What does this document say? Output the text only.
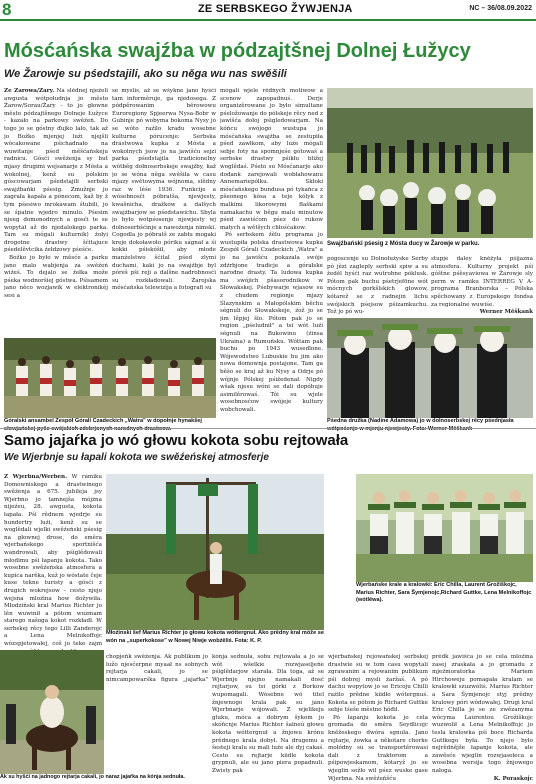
8	ZE SERBSKEGO ŽYWJENJA	NC – 36/08.09.2022
Mósćańska swajźba w pódzajtšnej Dolnej Łužycy
We Žarowje su pśedstajili, ako su něga wu nas swěšili
Ze Žarowa/Žary. Na slědnej njeźeli awgusta wótpołudnja jo město Žarow/Sorau/Żary - to jo głowne město pódzajtšnego Dolnejе Łužyce - kazało na parkowy swěźeń. Do togo jo se góstny ďujko lałо, tak až jo Božko mjenjej luźi njejšli wócakowane pśichadnało na wuwitanje pśed měšćańskeju radnicu. Gósći swěźenja sy but mjasy drugimi wejsanarje z Mósta a wokolnej, kenž su pólskim góscowarjam pśedstajili serbskі swajźbańki pśesig. Zmužnje jo zagrała kapała a pónecom, kaž by ž tym pśesiwo mrokawam śtubili, jo se śpatne wjedro minulo. Pśesim njeeg domonodnych a gosći te se wopytał až do njedalokego parka. Tam su mógali kulturnik) źołyi drogotne drastwy šćitajuce pśedelěvtcika źełdzowy pśeśće.

Božko jo było w měsće a parku jano malo wabjenja za swěźeń wiźeś. To dejalo se źełka može pśeka wodnoršiej góstwa. Pśisamem jano něco wozjawik w elektronikéj sesi a

se myslis, až se wšykne jano hyśći tam informěrujе, ga njedosega. Z pódpěrowanim běrowowu Euroregiony Spjeerwa Nysa-Bobr w Gubinje pó wobyma bokoma Nysy jo se wóto raźilo kradu wosebne kulturne pórucenje: Serbska drastwowa kupka z Mósta a wokolnych jsow jo na jawišću sejzi parka pśedstajila tradicionelny wótběg dołnoserbskeje swajźby, kaž jo se wóna něga swěšiła w casu mjazy swětowyma wójnoma, slědny raz w léśe 1936. Funkcije a wósebnosći póbratša, njewjesty, kwašnicha, dražkow a dalšych swajźbarjow se pśedstawichu. Sbyla jo było wotpśosenje njewjesty wj dolnoserbšćinje a nawoźenja nimskі. Cogodla jo póbratš ze zabłu mogaki kreje dokoławoło póriku ságnał a śi kokki pśiskóšił, aby młode manźelstwo šćital pśed zlymi duchami, kaki jo na swajźbje byl póreš pši reji a dalšne nadrobnosći su rozkładowali. Żarojska mósćańska telewizija a fotografi su
mógali wjele rědnych motiwow a scenow zapopadnuś. Derje organizěrowane jo było simultane pśeložowanje do pólskeje rěcy ned z jawišća dołoj pśigledowarjam. Na kóńcu swójogo wustupa jo mósćańska swajźba se zestupiła pśed zawłkom, aby luźe mógali sebje foty na spomnjeśe gótowaś a serbske drastwy pśikłu bližej woglědaś. Pśeto su Mósćanarje ako dodank zarejowali wobłahowanu Annemariepólku. Skłoki mósćańskego bundusa pó tykańca z pšeonego kósa a teje kólyk z malkimi likorowymi fłaškami namakachu w běgu malu minutow pśed zawiśćom pśez do rukow małych a wětšych chłośćakow.

Pó serbskem źělu programa jo wustupiła polska drastwowa kupka Zespół Górali Czadeckich „Watra" a jo na jawišću pokazała swóje zdźrbjone tradicje a górałske narodne drasty. Ta ludowa kupka ma swójich pšasorodnikow w Słowakskej. Pśebywarje wjasow su z chudem regionje mjazy Ślazynskim a Małopólskim běchu ségnuli do Słowakskeje, źož jo se jim lěpjej šlo. Pótom pak jo se region „pśeludnił" a tsi wót luźi ségnuli na Bukowinu (źinsa Ukraina) a Rumuńsku. Wóttam pak buchu po 1943 wusedlone. Wójewodstwo Lubuskie bu jim ako nowa domownja postajone. Tam ga běšo se kraj až ku Nysy a Odrje pó wójnje Pólskej pśiźedenał. Nigdy wšak njesu wóni se dali dopóbuje asimilěrowaś. Tói su wjele wosebnosćow swójejе kultury wobchowali.

Swajźbański pśesig z Mósta ducy w Žarowje w parku.
pógoscenje su Dolnołužyske Serby pó jězi zagleply serbski spiw a su žeděl hyśći raz wutrobne póklusk. Pótom pak buchu pśetrjeföne wót mócnych gorkšlskich głowow, kótarež se z radnejin lichu swójskich pśejsow pśizamkuchu. Tož jo pó wu-
stupje daleý kněžyła pśijazna atmosfera. Kulturny projekt pśi góštne pśěsyaviowa w Žarowje sly perm w ramiku INTERREG V A-programa Branborska – Pólska spěchowany z Europskego fondsa za regionalne wuwiśe.
Werner Měškank
Góralski ansambel Zespół Górali Czadeckich „Watra" w dopołnje hynakšej	Pśedna družka (Nadine Adamowa) jo w dolnoserbskej rěcy pśednjasła
Samo jajaŕka jo wó głowu kokota sobu rejtowała
We Wjerbnje su łapali kokota we swěźeńskej atmosferje
Z Wjerbna/Werben. W rámiku Domowniskego a drastwinego swěźenja a 675. jubileja jsy Wjerbno jo tamnejša mójżna nijeźeu, 28. awgusta, kokota łapała. Pśi rědnem wjedrje su hundertry luźi, kenž su se woglědali wjelki swěźeński pśesig na głownej drosе, do směrа wjerbańskego sportnišća wandrowali, aby pśiglědowali młodimu pśi łapanju kokota. Tako wosebne swěźeńska atmosfera a kupica narěka, kuž jo wóstate čeje kuse tekne turisty a gósći z drugich wokrejsow – cesto njejo wejsna mloźina how dožywiła. Młodziński kral Marius Richter jo lěn wuwinił a pótom wuzmam starego našoga kokot rozkładł. W serbskej rěcy tego Lilli Zanderojc a Lena Melnikoffojc wózspjetowałej, coš jo tekе zajm

Młoźinski šef Marius Richter jo głowu kokota wóttergnuł. Ako prědny kral móže se wón na „superkokose" w Nowej Niwje wobźěliś. Fota: K. P.
Wjerbańske krale a kralowki: Eric Chilla, Laurent Grožiškojc, Marius Richter, Sara Šymjenojc,Richard Guttke, Lena Melnikoffojc (wótlěwa).
Ak su hyšći na jadnogo rejtarja cakali, jo naraz jajaŕka na kónja sednuła.
chopjeńk swěźenja. Ak publikum jo lužo njesćerpne myaał ns sobnych rejtarja cakali, jo se nimcampowarśka figura „jajaŕka"
kónja sednuła, sobu rejtowała a jo se wót wšelkie rozwjaseljeńe pśiglědarjow starała. Dla toga, až se Wjerbnje njejno namakali dosć rejtarjow, su tsi górki z Borkow wupomagali. Wósebne wó titel žnjewnogo krala pak su jano Wjerbnarje wójowali. Z wjelikeju gluku, móca a dobrym šykom jo skóńcnje Marius Richter šalneú głowu kokota wóttergnuł a žnjowu krónu prědnego krala dobył. Na drugemu a šesteji kralu su mali luźe ale dyj cakaś. Cesto su rejtarje kiidle kokota grypnuli, ale su jano piera popadnuli. Zwisty pak
wjerbańskej rejowańskej serbskej drastwie su w tom casu wopytali zgrawanim a rejowanim publikum pśi dobrej mysli źaržaś. A pó dachu wopytow jo se Ericoju Chilli raźilo prědne kiidło wótergnuś. Kokota se pótom jo Richard Guttke sebje tśeše městno hóđil.

Pó łapanju kokota jo cela gromada do směrа Seydlicojc kněžeskego dwóra sgnula. Jano rejtarje, źowka a někotare chorke mołódny su se transportěrowasi dali z traktorom a pśipowjeskamom, kótaryž jo se wjeglin sežło wil pśez wuske gase Wjerbna. Na swěźeńšću

prědk jawišća jo se cela mloźina zasej zraskała a jo gromadu z mjeźmoratorka Mariem Hirchoweju pomagała kralam se kralowki szuzwóliś. Marius Richter a Sara Šymjenojc styj prědny kralowy póri wódowałej. Drugi kral Eric Chilla jo se ze zwězanyma wócyma Laurentou Grožiškojc wuzwolił a Lena Melnikoffojc jo tesla kralowka pśi boce Richarda Guttkego była. To njejo było nejrědnějše łapanje kokota, ale zawěsće wjeglin rozwjasełeca a wosebna wersija togo žnjowego nałoga.
K. Poraskojc
